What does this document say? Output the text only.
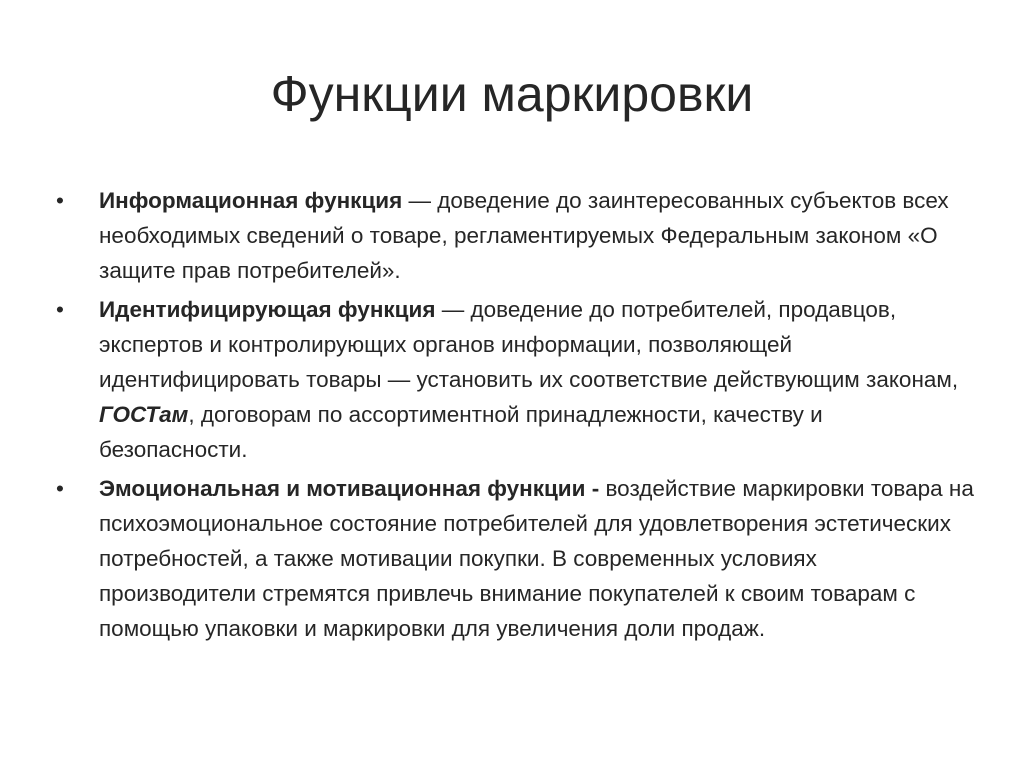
Функции маркировки
•	Информационная функция — доведение до заинтересованных субъектов всех необходимых сведений о товаре, регламентируемых Федеральным законом «О защите прав потребителей».
•	Идентифицирующая функция — доведение до потребителей, продавцов, экспертов и контролирующих органов информации, позволяющей идентифицировать товары — установить их соответствие действующим законам, ГОСТам, договорам по ассортиментной принадлежности, качеству и безопасности.
•	Эмоциональная и мотивационная функции - воздействие маркировки товара на психоэмоциональное состояние потребителей для удовлетворения эстетических потребностей, а также мотивации покупки. В современных условиях производители стремятся привлечь внимание покупателей к своим товарам с помощью упаковки и маркировки для увеличения доли продаж.
